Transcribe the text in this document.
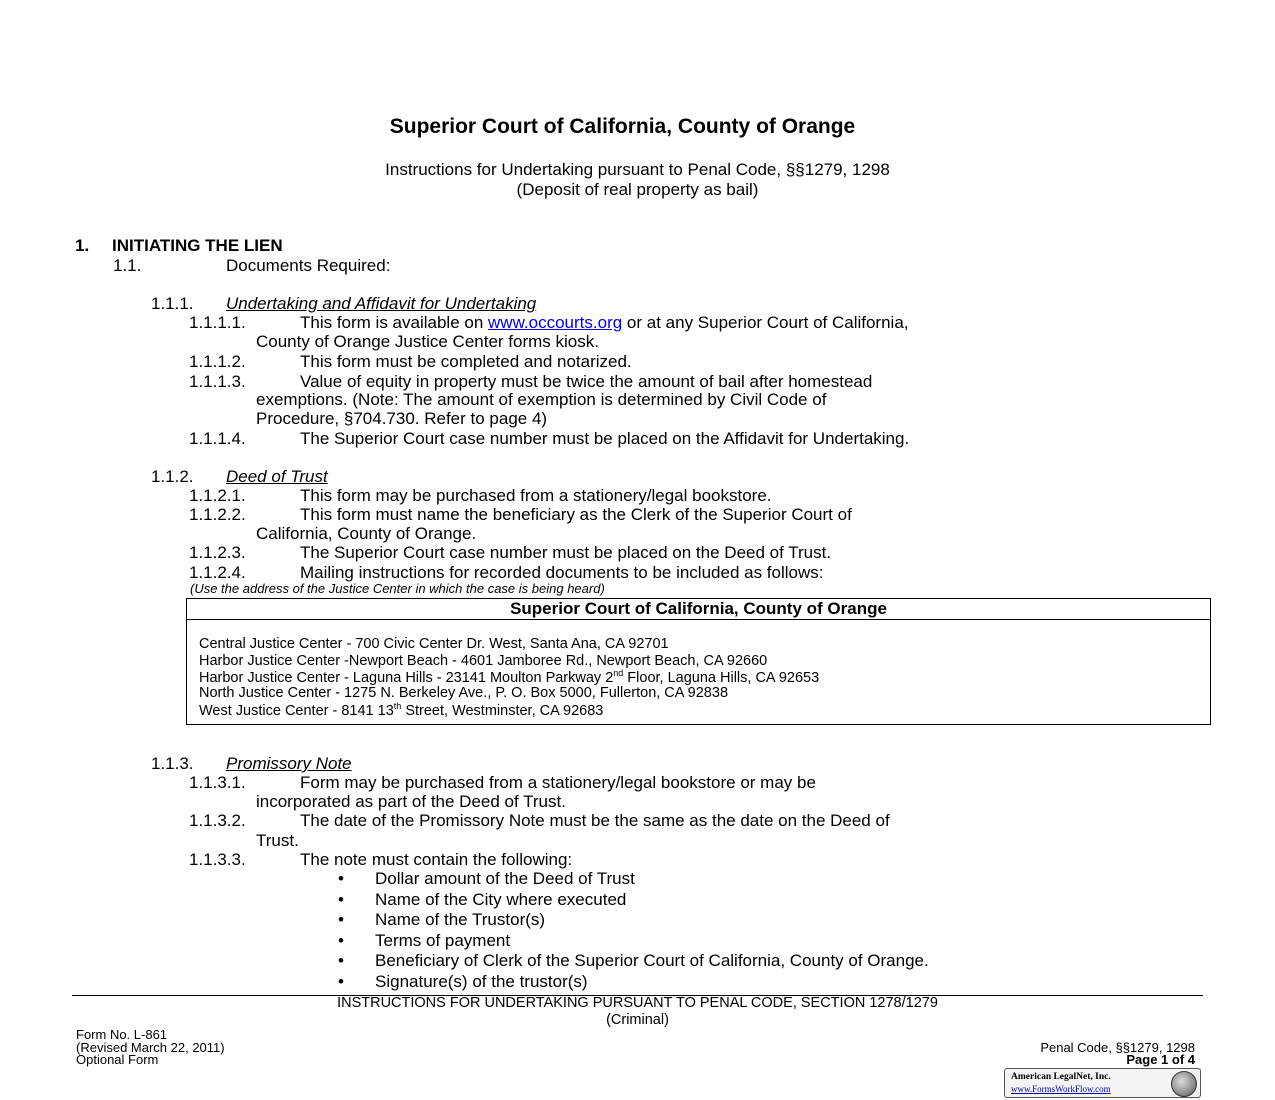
Superior Court of California, County of Orange
Instructions for Undertaking pursuant to Penal Code, §§1279, 1298
(Deposit of real property as bail)
1. INITIATING THE LIEN
1.1.	Documents Required:
1.1.1. Undertaking and Affidavit for Undertaking
1.1.1.1.	This form is available on www.occourts.org or at any Superior Court of California,
County of Orange Justice Center forms kiosk.
1.1.1.2.	This form must be completed and notarized.
1.1.1.3.	Value of equity in property must be twice the amount of bail after homestead
exemptions. (Note: The amount of exemption is determined by Civil Code of
Procedure, §704.730. Refer to page 4)
1.1.1.4.	The Superior Court case number must be placed on the Affidavit for Undertaking.
1.1.2. Deed of Trust
1.1.2.1.	This form may be purchased from a stationery/legal bookstore.
1.1.2.2.	This form must name the beneficiary as the Clerk of the Superior Court of
California, County of Orange.
1.1.2.3.	The Superior Court case number must be placed on the Deed of Trust.
1.1.2.4.	Mailing instructions for recorded documents to be included as follows:
(Use the address of the Justice Center in which the case is being heard)
Superior Court of California, County of Orange
Central Justice Center - 700 Civic Center Dr. West, Santa Ana, CA 92701
Harbor Justice Center -Newport Beach - 4601 Jamboree Rd., Newport Beach, CA 92660
Harbor Justice Center - Laguna Hills - 23141 Moulton Parkway 2nd Floor, Laguna Hills, CA 92653
North Justice Center - 1275 N. Berkeley Ave., P. O. Box 5000, Fullerton, CA 92838
West Justice Center - 8141 13th Street, Westminster, CA 92683
1.1.3. Promissory Note
1.1.3.1.	Form may be purchased from a stationery/legal bookstore or may be
incorporated as part of the Deed of Trust.
1.1.3.2.	The date of the Promissory Note must be the same as the date on the Deed of
Trust.
1.1.3.3.	The note must contain the following:
• Dollar amount of the Deed of Trust
• Name of the City where executed
• Name of the Trustor(s)
• Terms of payment
• Beneficiary of Clerk of the Superior Court of California, County of Orange.
• Signature(s) of the trustor(s)
INSTRUCTIONS FOR UNDERTAKING PURSUANT TO PENAL CODE, SECTION 1278/1279
(Criminal)
Form No. L-861
(Revised March 22, 2011)
Optional Form
Penal Code, §§1279, 1298
Page 1 of 4
American LegalNet, Inc.
www.FormsWorkFlow.com
